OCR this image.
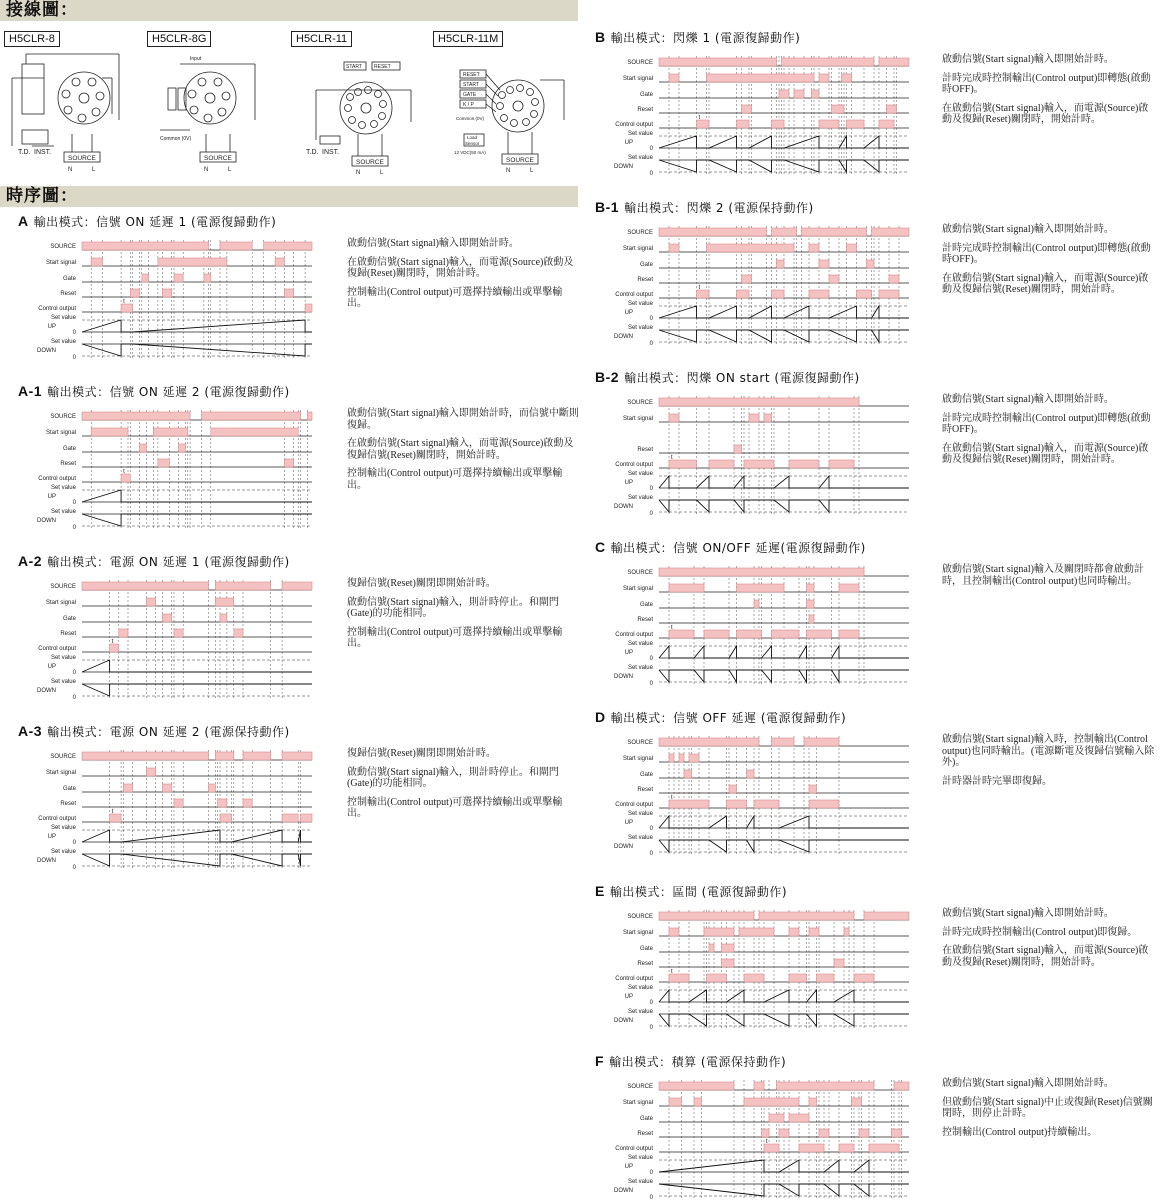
接線圖：
時序圖：
H5CLR-8	H5CLR-8G	H5CLR-11	H5CLR-11M
T.D. INST.
SOURCE
N	L
Input
Common (0V)
SOURCE
N	L
START RESET
T.D. INST.
SOURCE
N	L
RESET
START
GATE
K / P
Common (0V)
Load
Sensor
12 VDC(50 mA)
SOURCE
N	L
A 輸出模式：信號 ON 延遲 1 (電源復歸動作)
A-1 輸出模式：信號 ON 延遲 2 (電源復歸動作)
A-2 輸出模式：電源 ON 延遲 1 (電源復歸動作)
A-3 輸出模式：電源 ON 延遲 2 (電源保持動作)
B 輸出模式：閃爍 1 (電源復歸動作)
B-1 輸出模式：閃爍 2 (電源保持動作)
B-2 輸出模式：閃爍 ON start (電源復歸動作)
C 輸出模式：信號 ON/OFF 延遲(電源復歸動作)
D 輸出模式：信號 OFF 延遲 (電源復歸動作)
E 輸出模式：區間 (電源復歸動作)
F 輸出模式：積算 (電源保持動作)

啟動信號(Start signal)輸入即開始計時。

在啟動信號(Start signal)輸入，而電源(Source)啟動及復歸(Reset)關閉時，開始計時。

控制輸出(Control output)可選擇持續輸出或單擊輸出。

啟動信號(Start signal)輸入即開始計時，而信號中斷則復歸。

在啟動信號(Start signal)輸入，而電源(Source)啟動及復歸信號(Reset)關閉時，開始計時。

控制輸出(Control output)可選擇持續輸出或單擊輸出。

復歸信號(Reset)關閉即開始計時。

啟動信號(Start signal)輸入，則計時停止。和閘門(Gate)的功能相同。

控制輸出(Control output)可選擇持續輸出或單擊輸出。

復歸信號(Reset)關閉即開始計時。

啟動信號(Start signal)輸入，則計時停止。和閘門(Gate)的功能相同。

控制輸出(Control output)可選擇持續輸出或單擊輸出。

啟動信號(Start signal)輸入即開始計時。

計時完成時控制輸出(Control output)即轉態(啟動時OFF)。

在啟動信號(Start signal)輸入，而電源(Source)啟動及復歸(Reset)關閉時，開始計時。

啟動信號(Start signal)輸入即開始計時。

計時完成時控制輸出(Control output)即轉態(啟動時OFF)。

在啟動信號(Start signal)輸入，而電源(Source)啟動及復歸信號(Reset)關閉時，開始計時。

啟動信號(Start signal)輸入即開始計時。

計時完成時控制輸出(Control output)即轉態(啟動時OFF)。

在啟動信號(Start signal)輸入，而電源(Source)啟動及復歸信號(Reset)關閉時，開始計時。

啟動信號(Start signal)輸入及關閉時都會啟動計時，且控制輸出(Control output)也同時輸出。

啟動信號(Start signal)輸入時，控制輸出(Control output)也同時輸出。(電源斷電及復歸信號輸入除外)。

計時器計時完畢即復歸。

啟動信號(Start signal)輸入即開始計時。

計時完成時控制輸出(Control output)即復歸。

在啟動信號(Start signal)輸入，而電源(Source)啟動及復歸(Reset)關閉時，開始計時。

啟動信號(Start signal)輸入即開始計時。

但啟動信號(Start signal)中止或復歸(Reset)信號關閉時，則停止計時。

控制輸出(Control output)持續輸出。

SOURCE
Start signal
Gate
Reset
Control output
Set value
UP
0
Set value
DOWN
0
t
SOURCE
Start signal
Gate
Reset
Control output
Set value
UP
0
Set value
DOWN
0
t
SOURCE
Start signal
Gate
Reset
Control output
Set value
UP
0
Set value
DOWN
0
t
SOURCE
Start signal
Gate
Reset
Control output
Set value
UP
0
Set value
DOWN
0
t
SOURCE
Start signal
Gate
Reset
Control output
Set value
UP
0
Set value
DOWN
0
t
SOURCE
Start signal
Gate
Reset
Control output
Set value
UP
0
Set value
DOWN
0
t
SOURCE
Start signal
Reset
Control output
Set value
UP
0
Set value
DOWN
0
t
SOURCE
Start signal
Gate
Reset
Control output
Set value
UP
0
Set value
DOWN
0
t
SOURCE
Start signal
Gate
Reset
Control output
Set value
UP
0
Set value
DOWN
0
t
SOURCE
Start signal
Gate
Reset
Control output
Set value
UP
0
Set value
DOWN
0
t
SOURCE
Start signal
Gate
Reset
Control output
Set value
UP
0
Set value
DOWN
0
t
